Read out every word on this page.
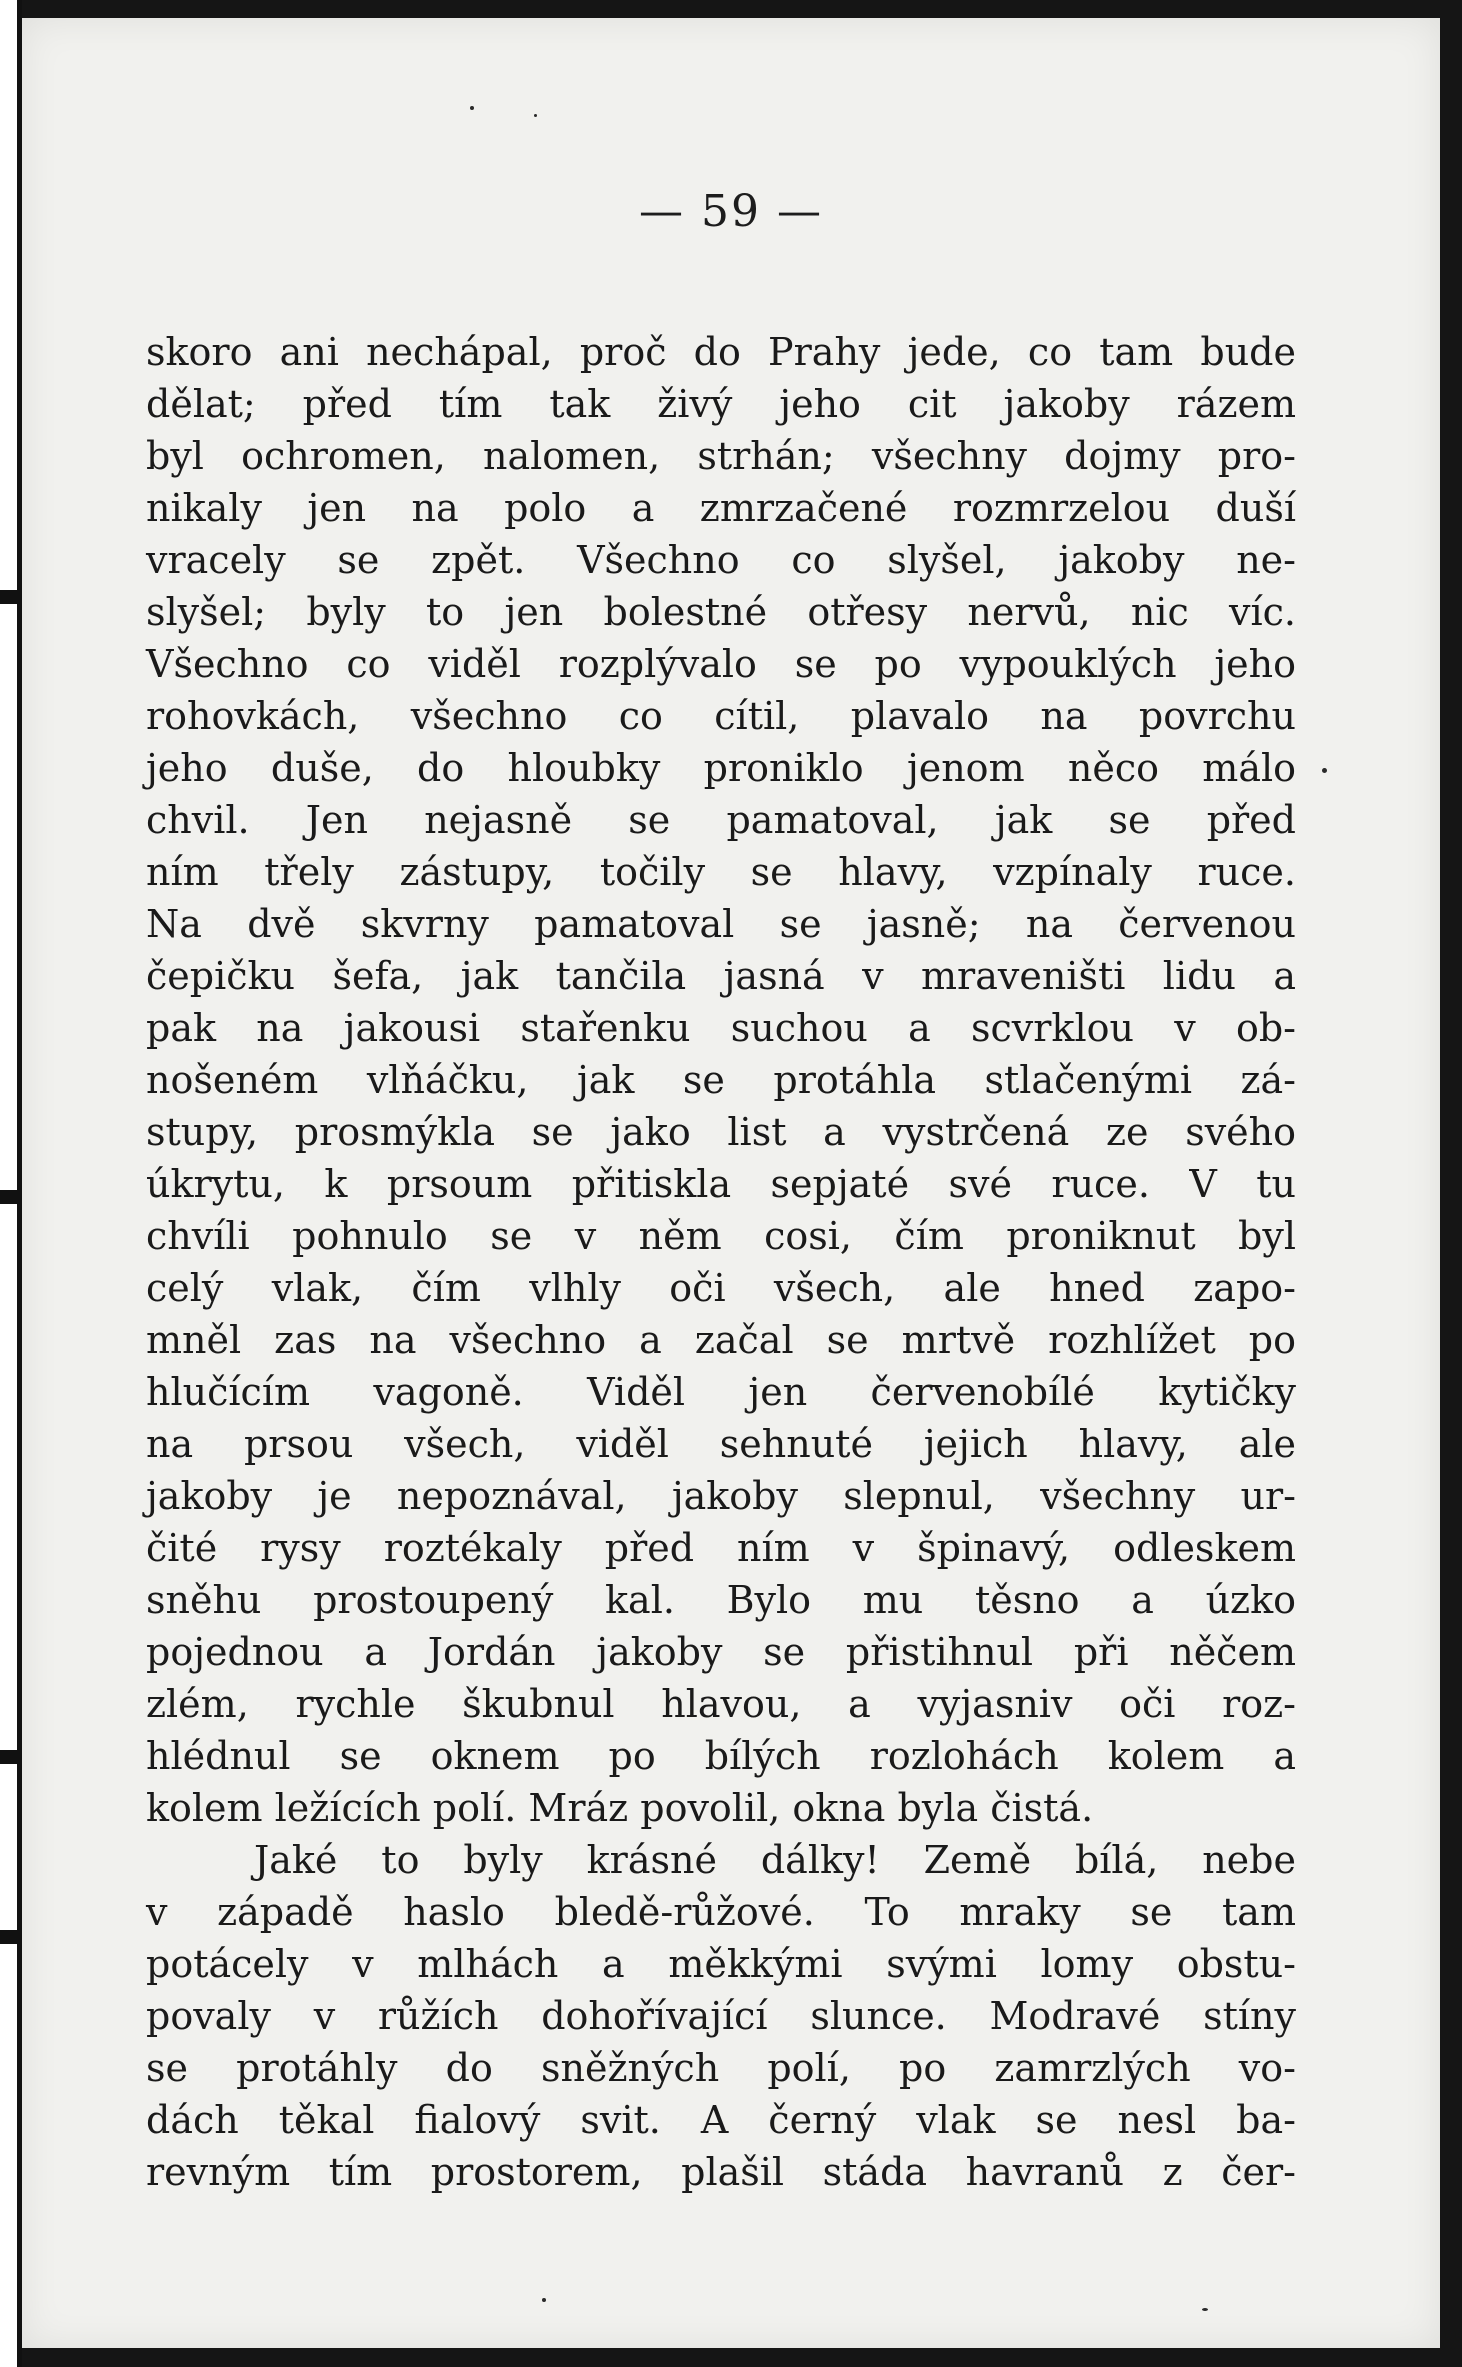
— 59 —
skoro ani nechápal, proč do Prahy jede, co tam bude
dělat; před tím tak živý jeho cit jakoby rázem
byl ochromen, nalomen, strhán; všechny dojmy pro-
nikaly jen na polo a zmrzačené rozmrzelou duší
vracely se zpět. Všechno co slyšel, jakoby ne-
slyšel; byly to jen bolestné otřesy nervů, nic víc.
Všechno co viděl rozplývalo se po vypouklých jeho
rohovkách, všechno co cítil, plavalo na povrchu
jeho duše, do hloubky proniklo jenom něco málo
chvil. Jen nejasně se pamatoval, jak se před
ním třely zástupy, točily se hlavy, vzpínaly ruce.
Na dvě skvrny pamatoval se jasně; na červenou
čepičku šefa, jak tančila jasná v mraveništi lidu a
pak na jakousi stařenku suchou a scvrklou v ob-
nošeném vlňáčku, jak se protáhla stlačenými zá-
stupy, prosmýkla se jako list a vystrčená ze svého
úkrytu, k prsoum přitiskla sepjaté své ruce. V tu
chvíli pohnulo se v něm cosi, čím proniknut byl
celý vlak, čím vlhly oči všech, ale hned zapo-
mněl zas na všechno a začal se mrtvě rozhlížet po
hlučícím vagoně. Viděl jen červenobílé kytičky
na prsou všech, viděl sehnuté jejich hlavy, ale
jakoby je nepoznával, jakoby slepnul, všechny ur-
čité rysy roztékaly před ním v špinavý, odleskem
sněhu prostoupený kal. Bylo mu těsno a úzko
pojednou a Jordán jakoby se přistihnul při něčem
zlém, rychle škubnul hlavou, a vyjasniv oči roz-
hlédnul se oknem po bílých rozlohách kolem a
kolem ležících polí. Mráz povolil, okna byla čistá.
Jaké to byly krásné dálky! Země bílá, nebe
v západě haslo bledě-růžové. To mraky se tam
potácely v mlhách a měkkými svými lomy obstu-
povaly v růžích dohořívající slunce. Modravé stíny
se protáhly do sněžných polí, po zamrzlých vo-
dách těkal fialový svit. A černý vlak se nesl ba-
revným tím prostorem, plašil stáda havranů z čer-
